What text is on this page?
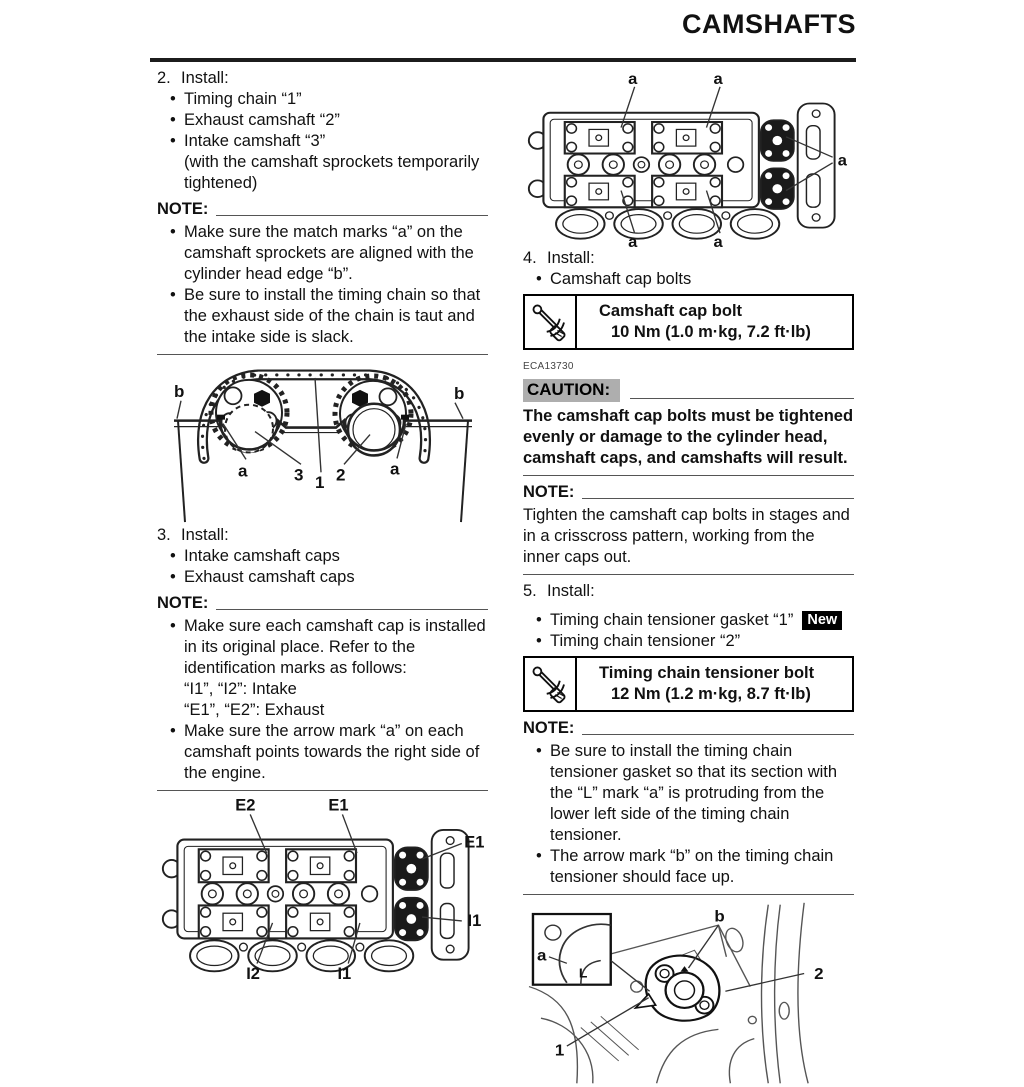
CAMSHAFTS
2. Install:
• Timing chain “1”
• Exhaust camshaft “2”
• Intake camshaft “3”
(with the camshaft sprockets temporarily tightened)
NOTE:
• Make sure the match marks “a” on the camshaft sprockets are aligned with the cylinder head edge “b”.
• Be sure to install the timing chain so that the exhaust side of the chain is taut and the intake side is slack.
b	b
a	3 1 2	a
3. Install:
• Intake camshaft caps
• Exhaust camshaft caps
NOTE:
• Make sure each camshaft cap is installed in its original place. Refer to the identification marks as follows:
“I1”, “I2”: Intake
“E1”, “E2”: Exhaust
• Make sure the arrow mark “a” on each camshaft points towards the right side of the engine.
E2	E1
E1
I1
I2	I1
a	a
a
a	a
4. Install:
• Camshaft cap bolts
Camshaft cap bolt
10 Nm (1.0 m·kg, 7.2 ft·lb)
ECA13730
CAUTION:
The camshaft cap bolts must be tightened evenly or damage to the cylinder head, camshaft caps, and camshafts will result.
NOTE:
Tighten the camshaft cap bolts in stages and in a crisscross pattern, working from the inner caps out.
5. Install:
• Timing chain tensioner gasket “1” New
• Timing chain tensioner “2”
Timing chain tensioner bolt
12 Nm (1.2 m·kg, 8.7 ft·lb)
NOTE:
• Be sure to install the timing chain tensioner gasket so that its section with the “L” mark “a” is protruding from the lower left side of the timing chain tensioner.
• The arrow mark “b” on the timing chain tensioner should face up.
L
a
b
2
1
